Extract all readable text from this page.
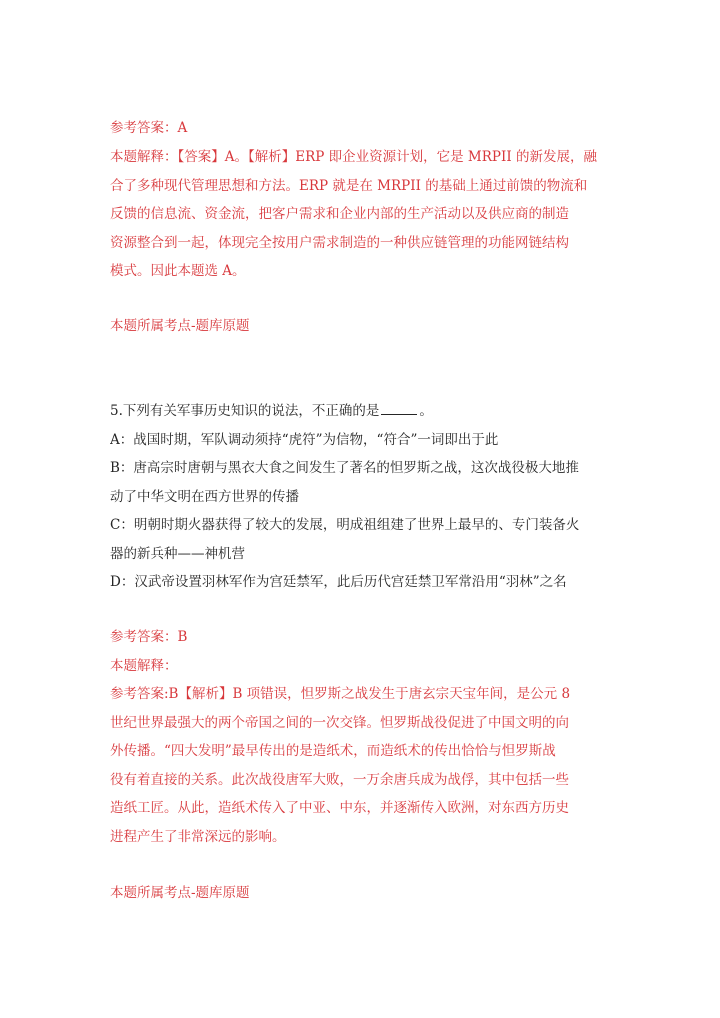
参考答案：A
本题解释：【答案】A。【解析】ERP 即企业资源计划，它是 MRPII 的新发展，融
合了多种现代管理思想和方法。ERP 就是在 MRPII 的基础上通过前馈的物流和
反馈的信息流、资金流，把客户需求和企业内部的生产活动以及供应商的制造
资源整合到一起，体现完全按用户需求制造的一种供应链管理的功能网链结构
模式。因此本题选 A。
本题所属考点-题库原题
5.下列有关军事历史知识的说法，不正确的是	。
A：战国时期，军队调动须持“虎符”为信物，“符合”一词即出于此
B：唐高宗时唐朝与黑衣大食之间发生了著名的怛罗斯之战，这次战役极大地推
动了中华文明在西方世界的传播
C：明朝时期火器获得了较大的发展，明成祖组建了世界上最早的、专门装备火
器的新兵种——神机营
D：汉武帝设置羽林军作为宫廷禁军，此后历代宫廷禁卫军常沿用“羽林”之名
参考答案：B
本题解释：
参考答案:B【解析】B 项错误，怛罗斯之战发生于唐玄宗天宝年间，是公元 8
世纪世界最强大的两个帝国之间的一次交锋。怛罗斯战役促进了中国文明的向
外传播。“四大发明”最早传出的是造纸术，而造纸术的传出恰恰与怛罗斯战
役有着直接的关系。此次战役唐军大败，一万余唐兵成为战俘，其中包括一些
造纸工匠。从此，造纸术传入了中亚、中东，并逐渐传入欧洲，对东西方历史
进程产生了非常深远的影响。
本题所属考点-题库原题
